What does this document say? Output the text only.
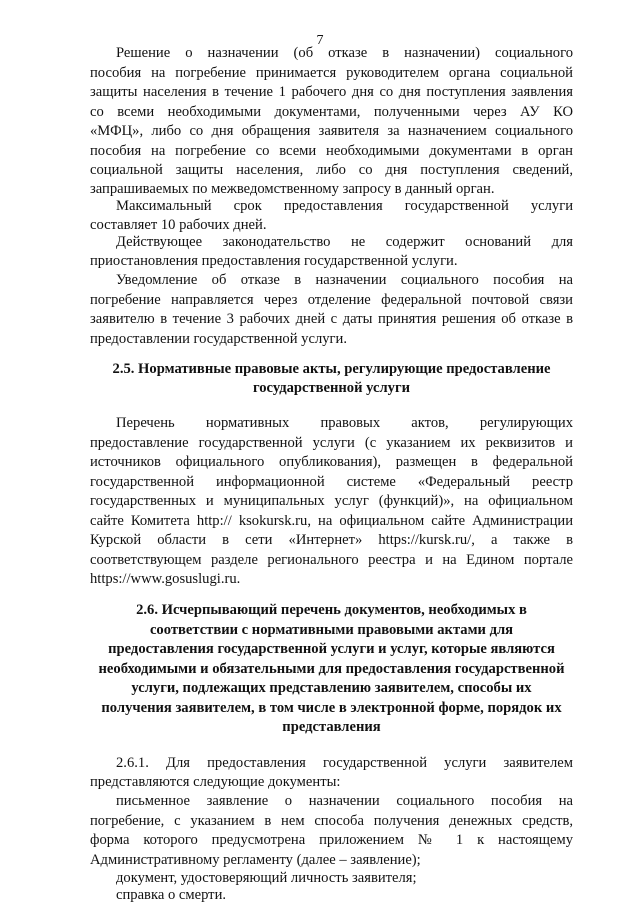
7
Решение о назначении (об отказе в назначении) социального
пособия на погребение принимается руководителем органа социальной
защиты населения в течение 1 рабочего дня со дня поступления заявления
со всеми необходимыми документами, полученными через АУ КО
«МФЦ», либо со дня обращения заявителя за назначением социального
пособия на погребение со всеми необходимыми документами в орган
социальной защиты населения, либо со дня поступления сведений,
запрашиваемых по межведомственному запросу в данный орган.
Максимальный срок предоставления государственной услуги
составляет 10 рабочих дней.
Действующее законодательство не содержит оснований для
приостановления предоставления государственной услуги.
Уведомление об отказе в назначении социального пособия на
погребение направляется через отделение федеральной почтовой связи
заявителю в течение 3 рабочих дней с даты принятия решения об отказе в
предоставлении государственной услуги.
2.5. Нормативные правовые акты, регулирующие предоставление
государственной услуги
Перечень нормативных правовых актов, регулирующих
предоставление государственной услуги (с указанием их реквизитов и
источников официального опубликования), размещен в федеральной
государственной информационной системе «Федеральный реестр
государственных и муниципальных услуг (функций)», на официальном
сайте Комитета http:// ksokursk.ru, на официальном сайте Администрации
Курской области в сети «Интернет» https://kursk.ru/, а также в
соответствующем разделе регионального реестра и на Едином портале
https://www.gosuslugi.ru.
2.6. Исчерпывающий перечень документов, необходимых в
соответствии с нормативными правовыми актами для
предоставления государственной услуги и услуг, которые являются
необходимыми и обязательными для предоставления государственной
услуги, подлежащих представлению заявителем, способы их
получения заявителем, в том числе в электронной форме, порядок их
представления
2.6.1. Для предоставления государственной услуги заявителем
представляются следующие документы:
письменное заявление о назначении социального пособия на
погребение, с указанием в нем способа получения денежных средств,
форма которого предусмотрена приложением № 1 к настоящему
Административному регламенту (далее – заявление);
документ, удостоверяющий личность заявителя;
справка о смерти.
